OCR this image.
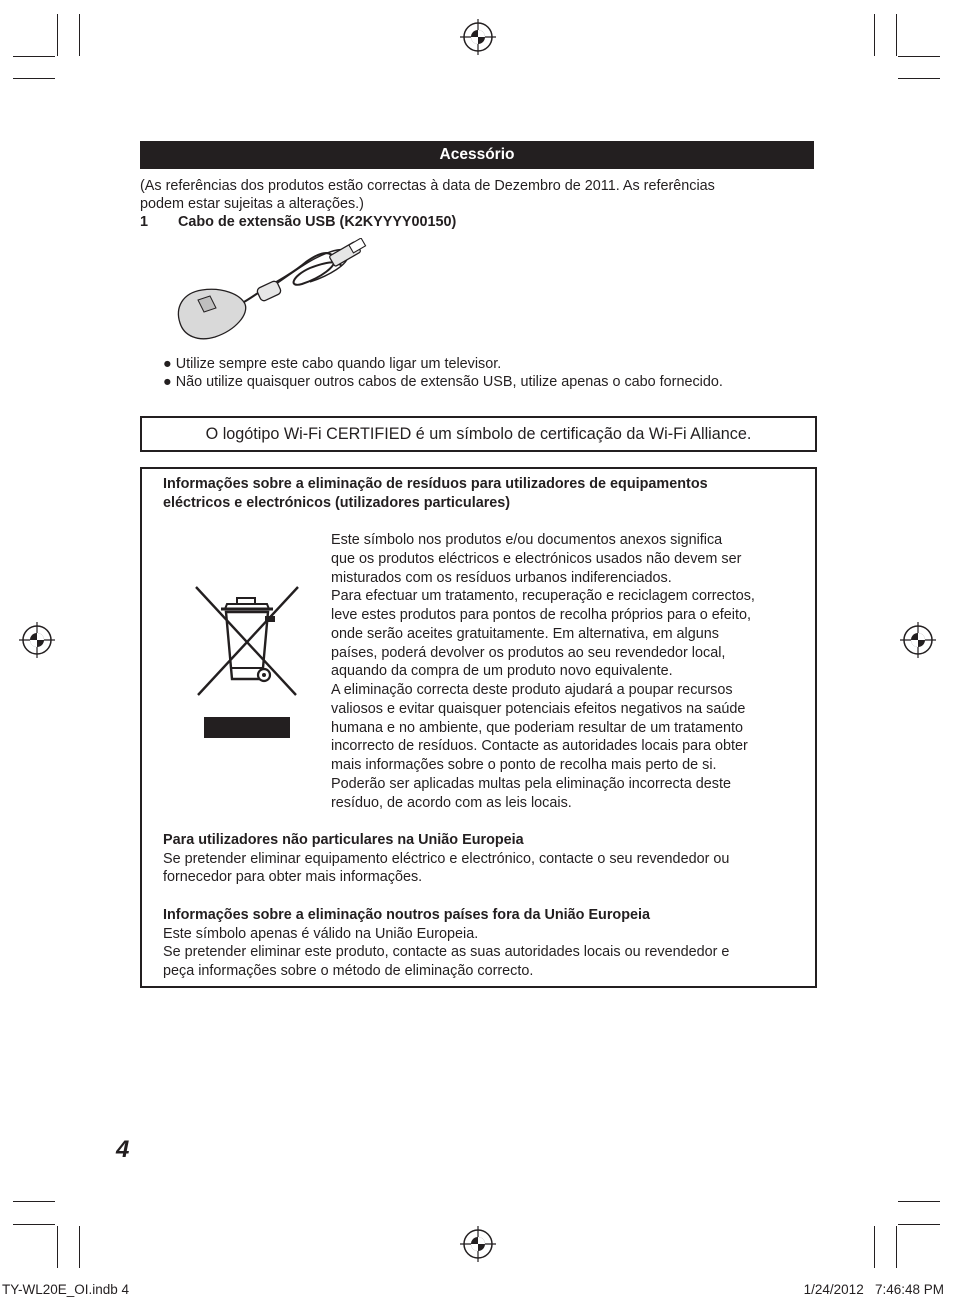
Acessório
(As referências dos produtos estão correctas à data de Dezembro de 2011. As referências
podem estar sujeitas a alterações.)
1 Cabo de extensão USB (K2KYYYY00150)
● Utilize sempre este cabo quando ligar um televisor.
● Não utilize quaisquer outros cabos de extensão USB, utilize apenas o cabo fornecido.
O logótipo Wi-Fi CERTIFIED é um símbolo de certificação da Wi-Fi Alliance.
Informações sobre a eliminação de resíduos para utilizadores de equipamentos
eléctricos e electrónicos (utilizadores particulares)
Este símbolo nos produtos e/ou documentos anexos significa
que os produtos eléctricos e electrónicos usados não devem ser
misturados com os resíduos urbanos indiferenciados.
Para efectuar um tratamento, recuperação e reciclagem correctos,
leve estes produtos para pontos de recolha próprios para o efeito,
onde serão aceites gratuitamente. Em alternativa, em alguns
países, poderá devolver os produtos ao seu revendedor local,
aquando da compra de um produto novo equivalente.
A eliminação correcta deste produto ajudará a poupar recursos
valiosos e evitar quaisquer potenciais efeitos negativos na saúde
humana e no ambiente, que poderiam resultar de um tratamento
incorrecto de resíduos. Contacte as autoridades locais para obter
mais informações sobre o ponto de recolha mais perto de si.
Poderão ser aplicadas multas pela eliminação incorrecta deste
resíduo, de acordo com as leis locais.
Para utilizadores não particulares na União Europeia
Se pretender eliminar equipamento eléctrico e electrónico, contacte o seu revendedor ou
fornecedor para obter mais informações.
Informações sobre a eliminação noutros países fora da União Europeia
Este símbolo apenas é válido na União Europeia.
Se pretender eliminar este produto, contacte as suas autoridades locais ou revendedor e
peça informações sobre o método de eliminação correcto.
4
TY-WL20E_OI.indb 4	1/24/2012   7:46:48 PM
